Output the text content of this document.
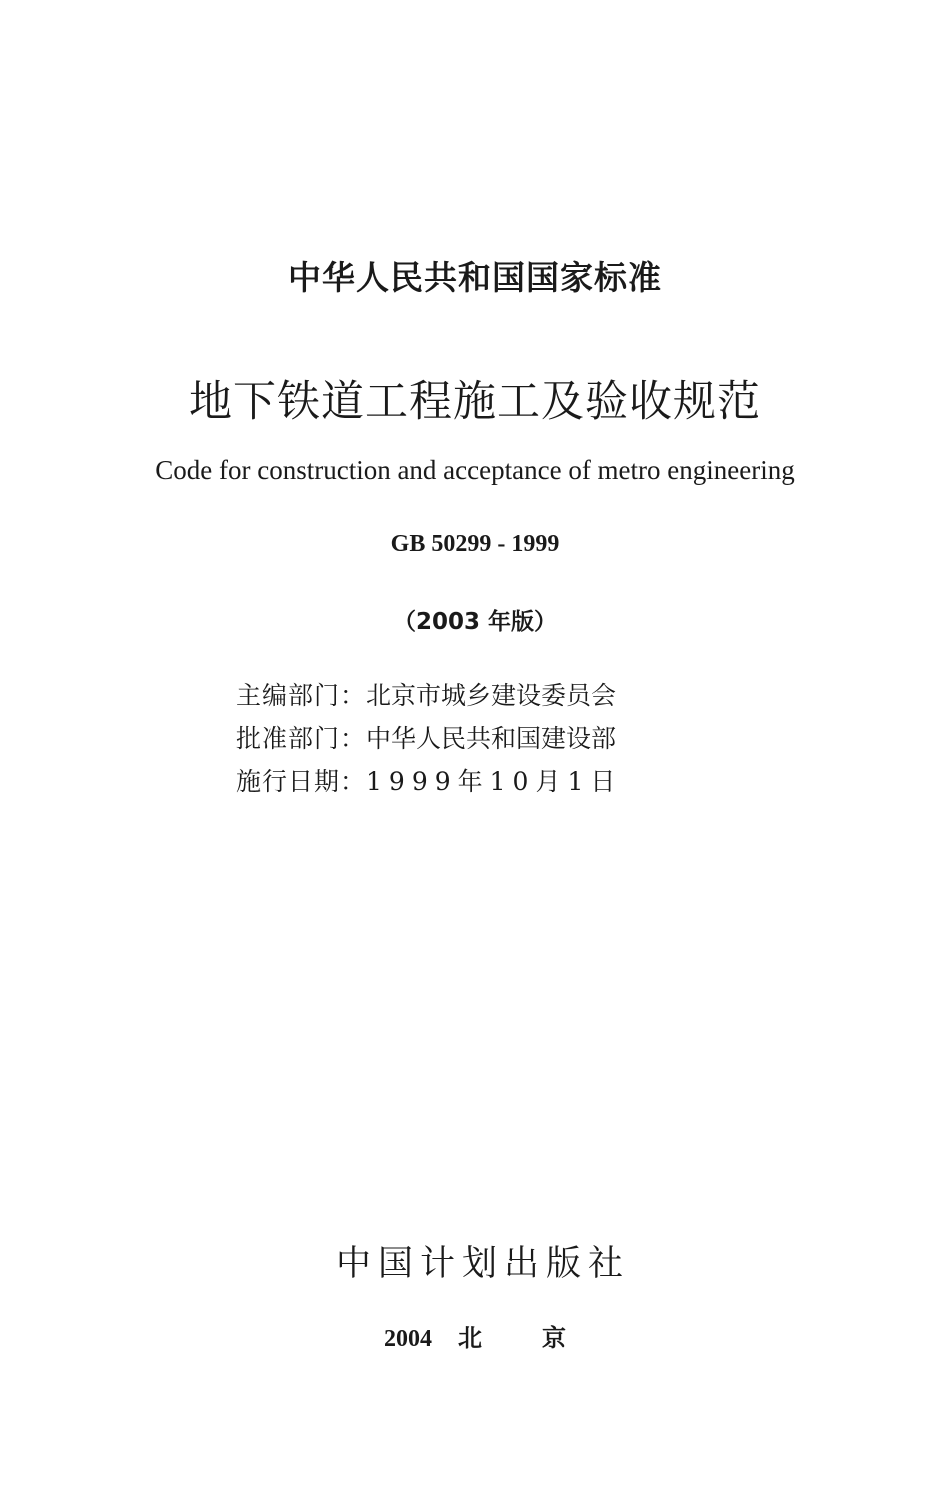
中华人民共和国国家标准
地下铁道工程施工及验收规范
Code for construction and acceptance of metro engineering
GB 50299 - 1999
（2003 年版）
主编部门：北京市城乡建设委员会
批准部门：中华人民共和国建设部
施行日期：1999年10月1日
中国计划出版社
2004 北京
